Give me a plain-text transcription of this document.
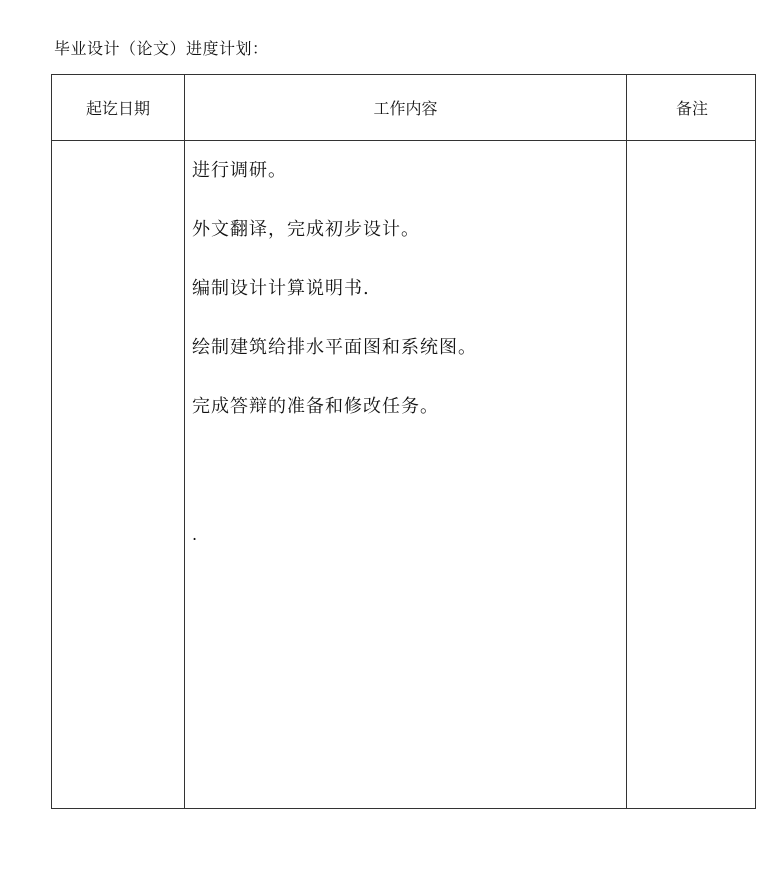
毕业设计（论文）进度计划：
起讫日期	工作内容	备注
进行调研。
外文翻译，完成初步设计。
编制设计计算说明书.
绘制建筑给排水平面图和系统图。
完成答辩的准备和修改任务。
.
